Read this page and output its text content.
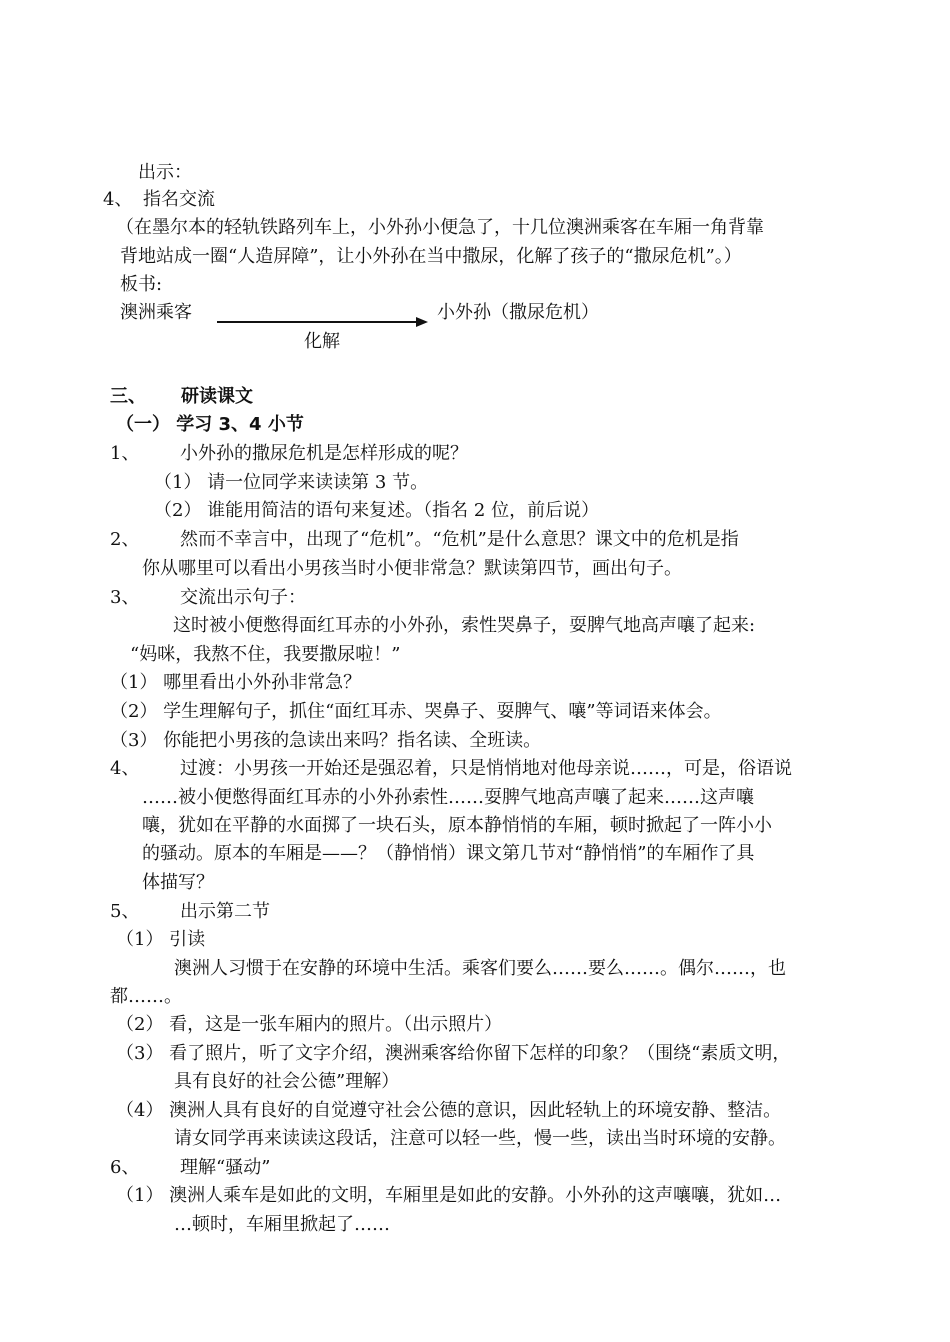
出示：
4、 指名交流
（在墨尔本的轻轨铁路列车上，小外孙小便急了，十几位澳洲乘客在车厢一角背靠
背地站成一圈“人造屏障”，让小外孙在当中撒尿，化解了孩子的“撒尿危机”。）
板书:
澳洲乘客	小外孙（撒尿危机）
化解
三、 研读课文
（一） 学习 3、4 小节
1、 小外孙的撒尿危机是怎样形成的呢？
（1） 请一位同学来读读第 3 节。
（2） 谁能用简洁的语句来复述。（指名 2 位，前后说）
2、 然而不幸言中，出现了“危机”。“危机”是什么意思？课文中的危机是指
你从哪里可以看出小男孩当时小便非常急？默读第四节，画出句子。
3、 交流出示句子：
这时被小便憋得面红耳赤的小外孙，索性哭鼻子，耍脾气地高声嚷了起来:
“妈咪，我熬不住，我要撒尿啦！”
（1） 哪里看出小外孙非常急？
（2） 学生理解句子，抓住“面红耳赤、哭鼻子、耍脾气、嚷”等词语来体会。
（3） 你能把小男孩的急读出来吗？指名读、全班读。
4、 过渡：小男孩一开始还是强忍着，只是悄悄地对他母亲说……，可是，俗语说
……被小便憋得面红耳赤的小外孙索性……耍脾气地高声嚷了起来……这声嚷
嚷，犹如在平静的水面掷了一块石头，原本静悄悄的车厢，顿时掀起了一阵小小
的骚动。原本的车厢是——？（静悄悄）课文第几节对“静悄悄”的车厢作了具
体描写？
5、 出示第二节
（1） 引读
澳洲人习惯于在安静的环境中生活。乘客们要么……要么……。偶尔……，也
都……。
（2） 看，这是一张车厢内的照片。（出示照片）
（3） 看了照片，听了文字介绍，澳洲乘客给你留下怎样的印象？（围绕“素质文明，
具有良好的社会公德”理解）
（4） 澳洲人具有良好的自觉遵守社会公德的意识，因此轻轨上的环境安静、整洁。
请女同学再来读读这段话，注意可以轻一些，慢一些，读出当时环境的安静。
6、 理解“骚动”
（1） 澳洲人乘车是如此的文明，车厢里是如此的安静。小外孙的这声嚷嚷，犹如…
…顿时，车厢里掀起了……
